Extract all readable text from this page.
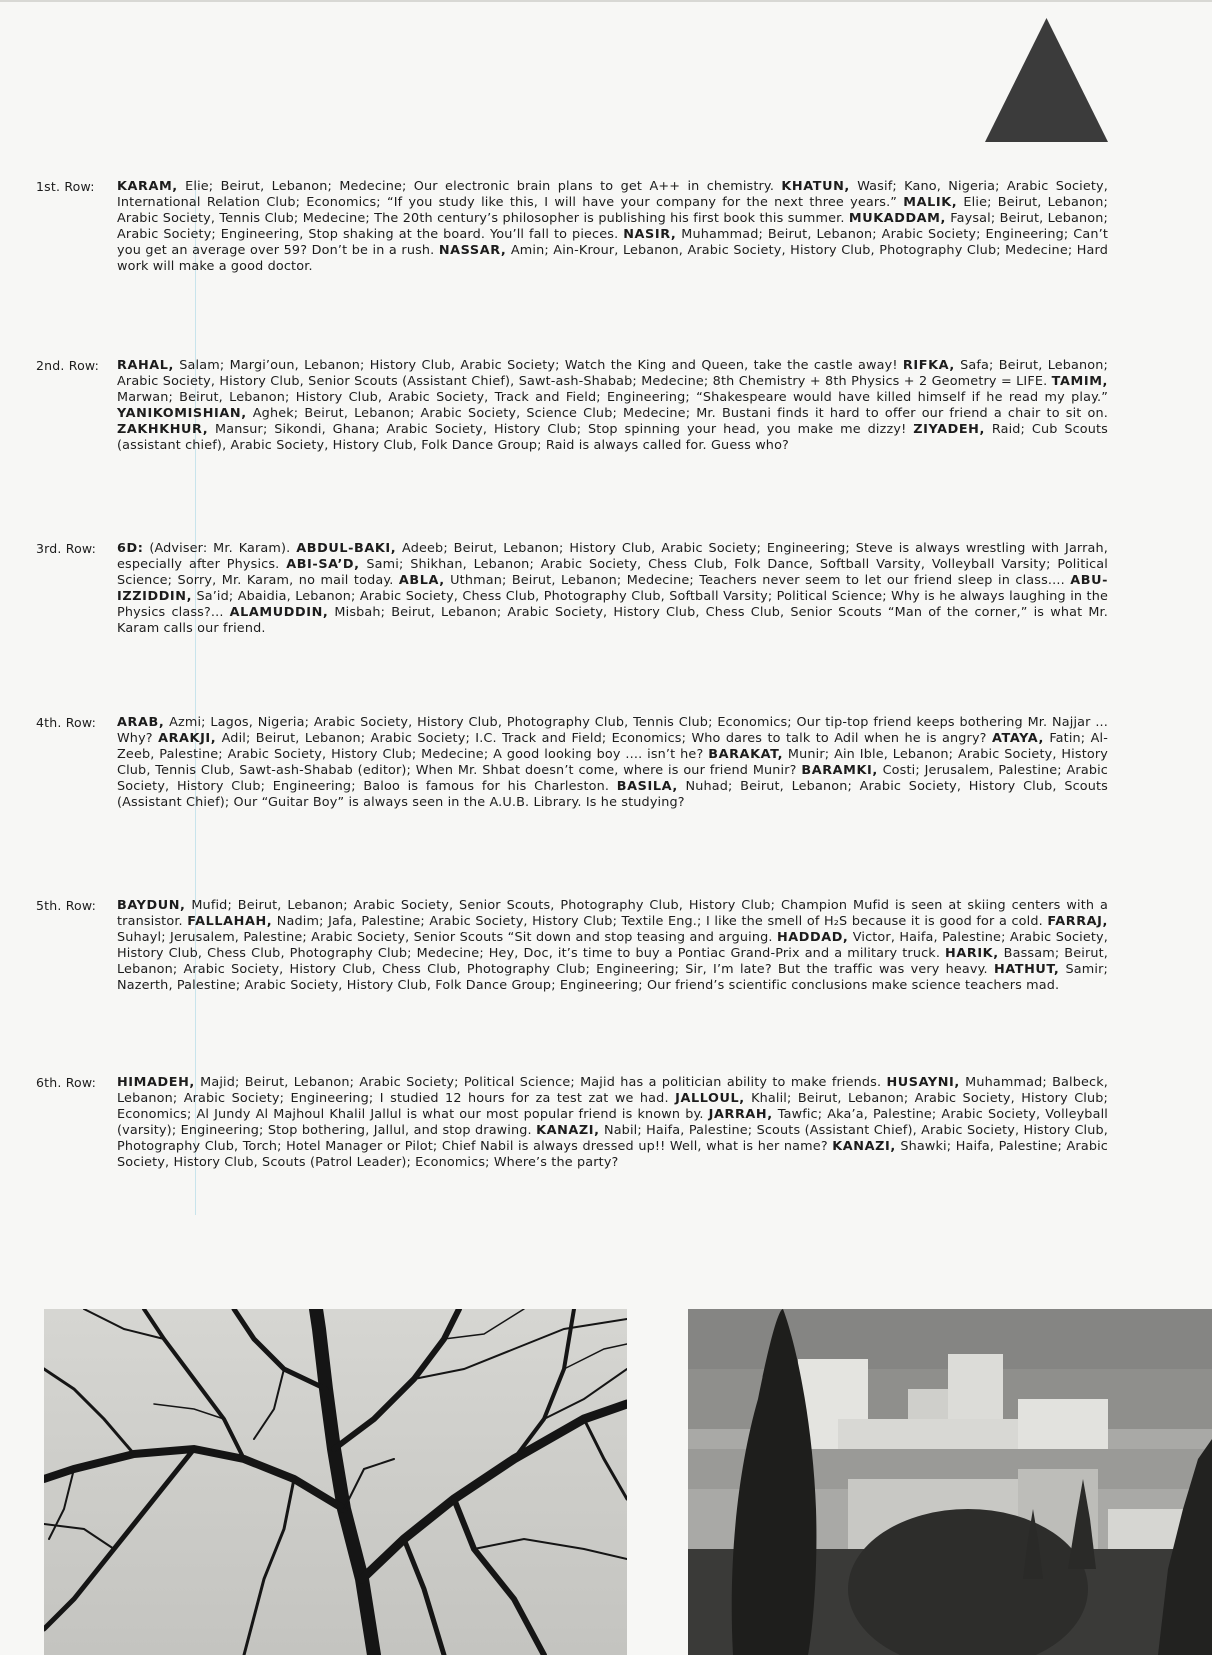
1st. Row:	KARAM, Elie; Beirut, Lebanon; Medecine; Our electronic brain plans to get A++ in chemistry. KHATUN, Wasif; Kano, Nigeria; Arabic Society, International Relation Club; Economics; “If you study like this, I will have your company for the next three years.” MALIK, Elie; Beirut, Lebanon; Arabic Society, Tennis Club; Medecine; The 20th century’s philosopher is publishing his first book this summer. MUKADDAM, Faysal; Beirut, Lebanon; Arabic Society; Engineering, Stop shaking at the board. You’ll fall to pieces. NASIR, Muhammad; Beirut, Lebanon; Arabic Society; Engineering; Can’t you get an average over 59? Don’t be in a rush. NASSAR, Amin; Ain-Krour, Lebanon, Arabic Society, History Club, Photography Club; Medecine; Hard work will make a good doctor.
2nd. Row:	RAHAL, Salam; Margi’oun, Lebanon; History Club, Arabic Society; Watch the King and Queen, take the castle away! RIFKA, Safa; Beirut, Lebanon; Arabic Society, History Club, Senior Scouts (Assistant Chief), Sawt-ash-Shabab; Medecine; 8th Chemistry + 8th Physics + 2 Geometry = LIFE. TAMIM, Marwan; Beirut, Lebanon; History Club, Arabic Society, Track and Field; Engineering; “Shakespeare would have killed himself if he read my play.” YANIKOMISHIAN, Aghek; Beirut, Lebanon; Arabic Society, Science Club; Medecine; Mr. Bustani finds it hard to offer our friend a chair to sit on. ZAKHKHUR, Mansur; Sikondi, Ghana; Arabic Society, History Club; Stop spinning your head, you make me dizzy! ZIYADEH, Raid; Cub Scouts (assistant chief), Arabic Society, History Club, Folk Dance Group; Raid is always called for. Guess who?
3rd. Row:	6D: (Adviser: Mr. Karam). ABDUL-BAKI, Adeeb; Beirut, Lebanon; History Club, Arabic Society; Engineering; Steve is always wrestling with Jarrah, especially after Physics. ABI-SA’D, Sami; Shikhan, Lebanon; Arabic Society, Chess Club, Folk Dance, Softball Varsity, Volleyball Varsity; Political Science; Sorry, Mr. Karam, no mail today. ABLA, Uthman; Beirut, Lebanon; Medecine; Teachers never seem to let our friend sleep in class.... ABU-IZZIDDIN, Sa’id; Abaidia, Lebanon; Arabic Society, Chess Club, Photography Club, Softball Varsity; Political Science; Why is he always laughing in the Physics class?... ALAMUDDIN, Misbah; Beirut, Lebanon; Arabic Society, History Club, Chess Club, Senior Scouts “Man of the corner,” is what Mr. Karam calls our friend.
4th. Row:	ARAB, Azmi; Lagos, Nigeria; Arabic Society, History Club, Photography Club, Tennis Club; Economics; Our tip-top friend keeps bothering Mr. Najjar ... Why? ARAKJI, Adil; Beirut, Lebanon; Arabic Society; I.C. Track and Field; Economics; Who dares to talk to Adil when he is angry? ATAYA, Fatin; Al-Zeeb, Palestine; Arabic Society, History Club; Medecine; A good looking boy .... isn’t he? BARAKAT, Munir; Ain Ible, Lebanon; Arabic Society, History Club, Tennis Club, Sawt-ash-Shabab (editor); When Mr. Shbat doesn’t come, where is our friend Munir? BARAMKI, Costi; Jerusalem, Palestine; Arabic Society, History Club; Engineering; Baloo is famous for his Charleston. BASILA, Nuhad; Beirut, Lebanon; Arabic Society, History Club, Scouts (Assistant Chief); Our “Guitar Boy” is always seen in the A.U.B. Library. Is he studying?
5th. Row:	BAYDUN, Mufid; Beirut, Lebanon; Arabic Society, Senior Scouts, Photography Club, History Club; Champion Mufid is seen at skiing centers with a transistor. FALLAHAH, Nadim; Jafa, Palestine; Arabic Society, History Club; Textile Eng.; I like the smell of H₂S because it is good for a cold. FARRAJ, Suhayl; Jerusalem, Palestine; Arabic Society, Senior Scouts “Sit down and stop teasing and arguing. HADDAD, Victor, Haifa, Palestine; Arabic Society, History Club, Chess Club, Photography Club; Medecine; Hey, Doc, it’s time to buy a Pontiac Grand-Prix and a military truck. HARIK, Bassam; Beirut, Lebanon; Arabic Society, History Club, Chess Club, Photography Club; Engineering; Sir, I’m late? But the traffic was very heavy. HATHUT, Samir; Nazerth, Palestine; Arabic Society, History Club, Folk Dance Group; Engineering; Our friend’s scientific conclusions make science teachers mad.
6th. Row:	HIMADEH, Majid; Beirut, Lebanon; Arabic Society; Political Science; Majid has a politician ability to make friends. HUSAYNI, Muhammad; Balbeck, Lebanon; Arabic Society; Engineering; I studied 12 hours for za test zat we had. JALLOUL, Khalil; Beirut, Lebanon; Arabic Society, History Club; Economics; Al Jundy Al Majhoul Khalil Jallul is what our most popular friend is known by. JARRAH, Tawfic; Aka’a, Palestine; Arabic Society, Volleyball (varsity); Engineering; Stop bothering, Jallul, and stop drawing. KANAZI, Nabil; Haifa, Palestine; Scouts (Assistant Chief), Arabic Society, History Club, Photography Club, Torch; Hotel Manager or Pilot; Chief Nabil is always dressed up!! Well, what is her name? KANAZI, Shawki; Haifa, Palestine; Arabic Society, History Club, Scouts (Patrol Leader); Economics; Where’s the party?
